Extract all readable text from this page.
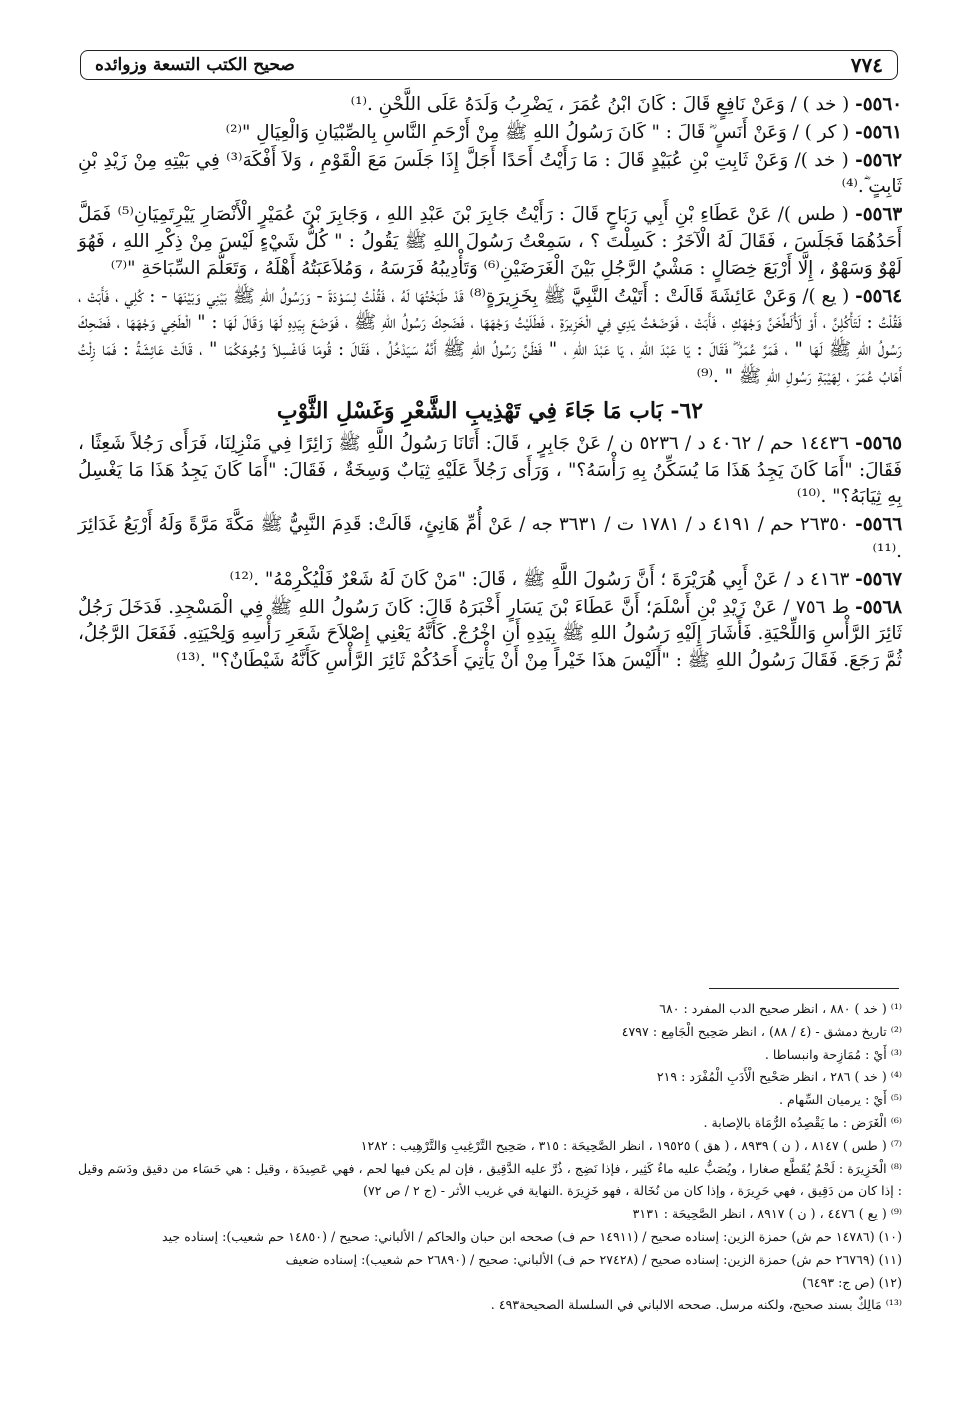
٧٧٤
صحيح الكتب التسعة وزوائده

٥٥٦٠- ( خد ) / وَعَنْ نَافِعٍ قَالَ : كَانَ ابْنُ عُمَرَ ، يَضْرِبُ وَلَدَهُ عَلَى اللَّحْنِ .⁽¹⁾

٥٥٦١- ( كر ) / وَعَنْ أَنَسٍ ؓ قَالَ : " كَانَ رَسُولُ اللهِ ﷺ مِنْ أَرْحَمِ النَّاسِ بِالصِّبْيَانِ وَالْعِيَالِ "⁽²⁾

٥٥٦٢- ( خد )/ وَعَنْ ثَابِتِ بْنِ عُبَيْدٍ قَالَ : مَا رَأَيْتُ أَحَدًا أَجَلَّ إِذَا جَلَسَ مَعَ الْقَوْمِ ، وَلاَ أَفْكَهَ⁽³⁾ فِي بَيْتِهِ مِنْ زَيْدِ بْنِ ثَابِتٍ ؓ.⁽⁴⁾

٥٥٦٣- ( طس )/ عَنْ عَطَاءِ بْنِ أَبِي رَبَاحٍ قَالَ : رَأَيْتُ جَابِرَ بْنَ عَبْدِ اللهِ ، وَجَابِرَ بْنَ عُمَيْرٍ الْأَنْصَارِ يَيْرِتَمِيَانِ⁽⁵⁾ فَمَلَّ أَحَدُهُمَا فَجَلَسَ ، فَقَالَ لَهُ الْآخَرُ : كَسِلْتَ ؟ ، سَمِعْتُ رَسُولَ اللهِ ﷺ يَقُولُ : " كُلُّ شَيْءٍ لَيْسَ مِنْ ذِكْرِ اللهِ ، فَهُوَ لَهْوٌ وَسَهْوٌ ، إِلَّا أَرْبَعَ خِصَالٍ : مَشْيُ الرَّجُلِ بَيْنَ الْغَرَضَيْنِ⁽⁶⁾ وَتَأْدِيبُهُ فَرَسَهُ ، وَمُلاَعَبَتُهُ أَهْلَهُ ، وَتَعَلُّمَ السِّبَاحَةِ "⁽⁷⁾

٥٥٦٤- ( يع )/ وَعَنْ عَائِشَةَ قَالَتْ : أَتَيْتُ النَّبِيَّ ﷺ بِخَزِيرَةٍ⁽⁸⁾ قَدْ طَبَخْتُهَا لَهُ ، فَقُلْتُ لِسَوْدَةَ - وَرَسُولُ اللهِ ﷺ بَيْنِي وَبَيْنَهَا - : كُلِي ، فَأَبَتْ ، فَقُلْتُ : لَتَأْكُلِنَّ ، أَوْ لَأُلَطِّخَنَّ وَجْهَكِ ، فَأَبَتْ ، فَوَضَعْتُ يَدِي فِي الْخَزِيرَةِ ، فَطَلَيْتُ وَجْهَهَا ، فَضَحِكَ رَسُولُ اللهِ ﷺ ، فَوَضَعَ بِيَدِهِ لَهَا وَقَالَ لَهَا : " الْطَخِي وَجْهَهَا ، فَضَحِكَ رَسُولُ اللهِ ﷺ لَهَا " ، فَمَرَّ عُمَرُ ؓ فَقَالَ : يَا عَبْدَ اللهِ ، يَا عَبْدَ اللهِ ، " فَظَنَّ رَسُولُ اللهِ ﷺ أَنَّهُ سَيَدْخُلُ ، فَقَالَ : قُومَا فَاغْسِلاَ وُجُوهَكُمَا " ، قَالَتْ عَائِشَةُ : فَمَا زِلْتُ أَهَابُ عُمَرَ ، لِهَيْبَةِ رَسُولِ اللهِ ﷺ " .⁽⁹⁾

٦٢- بَاب مَا جَاءَ فِي تَهْذِيبِ الشَّعْرِ وَغَسْلِ الثَّوْبِ

٥٥٦٥- ١٤٤٣٦ حم / ٤٠٦٢ د / ٥٢٣٦ ن / عَنْ جَابِرٍ ، قَالَ: أَتَانَا رَسُولُ اللَّهِ ﷺ زَائِرًا فِي مَنْزِلِنَا، فَرَأَى رَجُلاً شَعِثًا ، فَقَالَ: "أَمَا كَانَ يَجِدُ هَذَا مَا يُسَكِّنُ بِهِ رَأْسَهُ؟" ، وَرَأَى رَجُلاً عَلَيْهِ ثِيَابٌ وَسِخَةٌ ، فَقَالَ: "أَمَا كَانَ يَجِدُ هَذَا مَا يَغْسِلُ بِهِ ثِيَابَهُ؟" .⁽¹⁰⁾

٥٥٦٦- ٢٦٣٥٠ حم / ٤١٩١ د / ١٧٨١ ت / ٣٦٣١ جه / عَنْ أُمِّ هَانِئٍ، قَالَتْ: قَدِمَ النَّبِيُّ ﷺ مَكَّةَ مَرَّةً وَلَهُ أَرْبَعُ غَدَائِرَ .⁽¹¹⁾

٥٥٦٧- ٤١٦٣ د / عَنْ أَبِي هُرَيْرَةَ ؛ أَنَّ رَسُولَ اللَّهِ ﷺ ، قَالَ: "مَنْ كَانَ لَهُ شَعْرٌ فَلْيُكْرِمْهُ" .⁽¹²⁾

٥٥٦٨- ط ٧٥٦ / عَنْ زَيْدِ بْنِ أَسْلَمَ؛ أَنَّ عَطَاءَ بْنَ يَسَارٍ أَخْبَرَهُ قَالَ: كَانَ رَسُولُ اللهِ ﷺ فِي الْمَسْجِدِ. فَدَخَلَ رَجُلٌ ثَائِرَ الرَّأْسِ وَاللِّحْيَةِ. فَأَشَارَ إِلَيْهِ رَسُولُ اللهِ ﷺ بِيَدِهِ أَنِ اخْرُجْ. كَأَنَّهُ يَعْنِي إِصْلاَحَ شَعَرِ رَأْسِهِ وَلِحْيَتِهِ. فَفَعَلَ الرَّجُلُ، ثُمَّ رَجَعَ. فَقَالَ رَسُولُ اللهِ ﷺ : "أَلَيْسَ هذَا خَيْراً مِنْ أَنْ يَأْتِيَ أَحَدُكُمْ ثَائِرَ الرَّأْسِ كَأَنَّهُ شَيْطَانٌ؟" .⁽¹³⁾

⁽¹⁾ ( خد ) ٨٨٠ ، انظر صحيح الدب المفرد : ٦٨٠

⁽²⁾ تاريخ دمشق - (٤ / ٨٨) ، انظر صَحِيح الْجَامِع : ٤٧٩٧

⁽³⁾ أَيْ : مُمَازِحة وانبساطا .

⁽⁴⁾ ( خد ) ٢٨٦ ، انظر صَحْيح الْأَدَبِ الْمُفْرَد : ٢١٩

⁽⁵⁾ أَيْ : يرميان السِّهام .

⁽⁶⁾ الْغَرَض : ما يَقْصِدُه الرُّمَاة بالإصابة .

⁽⁷⁾ ( طس ) ٨١٤٧ ، ( ن ) ٨٩٣٩ ، ( هق ) ١٩٥٢٥ ، انظر الصَّحِيحَة : ٣١٥ ، صَحِيح التَّرْغِيبِ وَالتَّرْهِيب : ١٢٨٢

⁽⁸⁾ الْخَزِيرَة : لَحْمٌ يُقَطَّع صغارا ، ويُصَبُّ عليه ماءٌ كَثِير ، فإذا نَضِج ، ذُرَّ عليه الدَّقِيق ، فإن لم يكن فيها لحم ، فهي عَصِيدَة ، وقيل : هي حَسَاء من دقيق ودَسَم وقيل : إذا كان من دَقِيق ، فهي حَرِيرَة ، وإذا كان من نُخَالة ، فهو خَزِيرَة .النهاية في غريب الأثر - (ج ٢ / ص ٧٢)

⁽⁹⁾ ( يع ) ٤٤٧٦ ، ( ن ) ٨٩١٧ ، انظر الصَّحِيحَة : ٣١٣١

(١٠) (١٤٧٨٦ حم ش) حمزة الزين: إسناده صحيح / (١٤٩١١ حم ف) صححه ابن حبان والحاكم / الألباني: صحيح / (١٤٨٥٠ حم شعيب): إسناده جيد

(١١) (٢٦٧٦٩ حم ش) حمزة الزين: إسناده صحيح / (٢٧٤٢٨ حم ف) الألباني: صحيح / (٢٦٨٩٠ حم شعيب): إسناده ضعيف

(١٢) (ص ج: ٦٤٩٣)

⁽¹³⁾ مَالِكٌ بسند صحيح، ولكنه مرسل. صححه الالباني في السلسلة الصحيحة٤٩٣ .
